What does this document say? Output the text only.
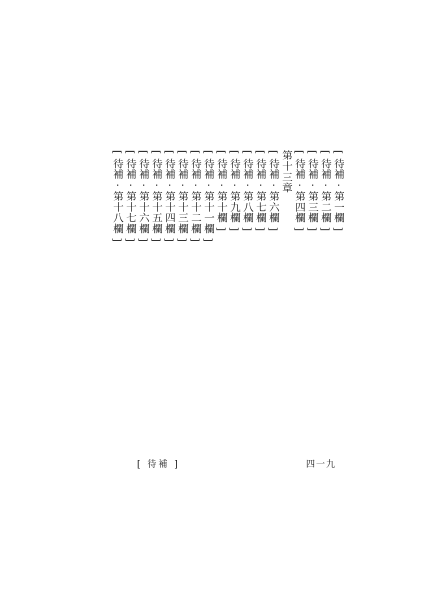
[ 待補 · 第一欄 ]
[ 待補 · 第二欄 ]
[ 待補 · 第三欄 ]
[ 待補 · 第四欄 ]
第十三章
[ 待補 · 第六欄 ]
[ 待補 · 第七欄 ]
[ 待補 · 第八欄 ]
[ 待補 · 第九欄 ]
[ 待補 · 第十欄 ]
[ 待補 · 第十一欄 ]
[ 待補 · 第十二欄 ]
[ 待補 · 第十三欄 ]
[ 待補 · 第十四欄 ]
[ 待補 · 第十五欄 ]
[ 待補 · 第十六欄 ]
[ 待補 · 第十七欄 ]
[ 待補 · 第十八欄 ]
[ 待補 ]	四一九
